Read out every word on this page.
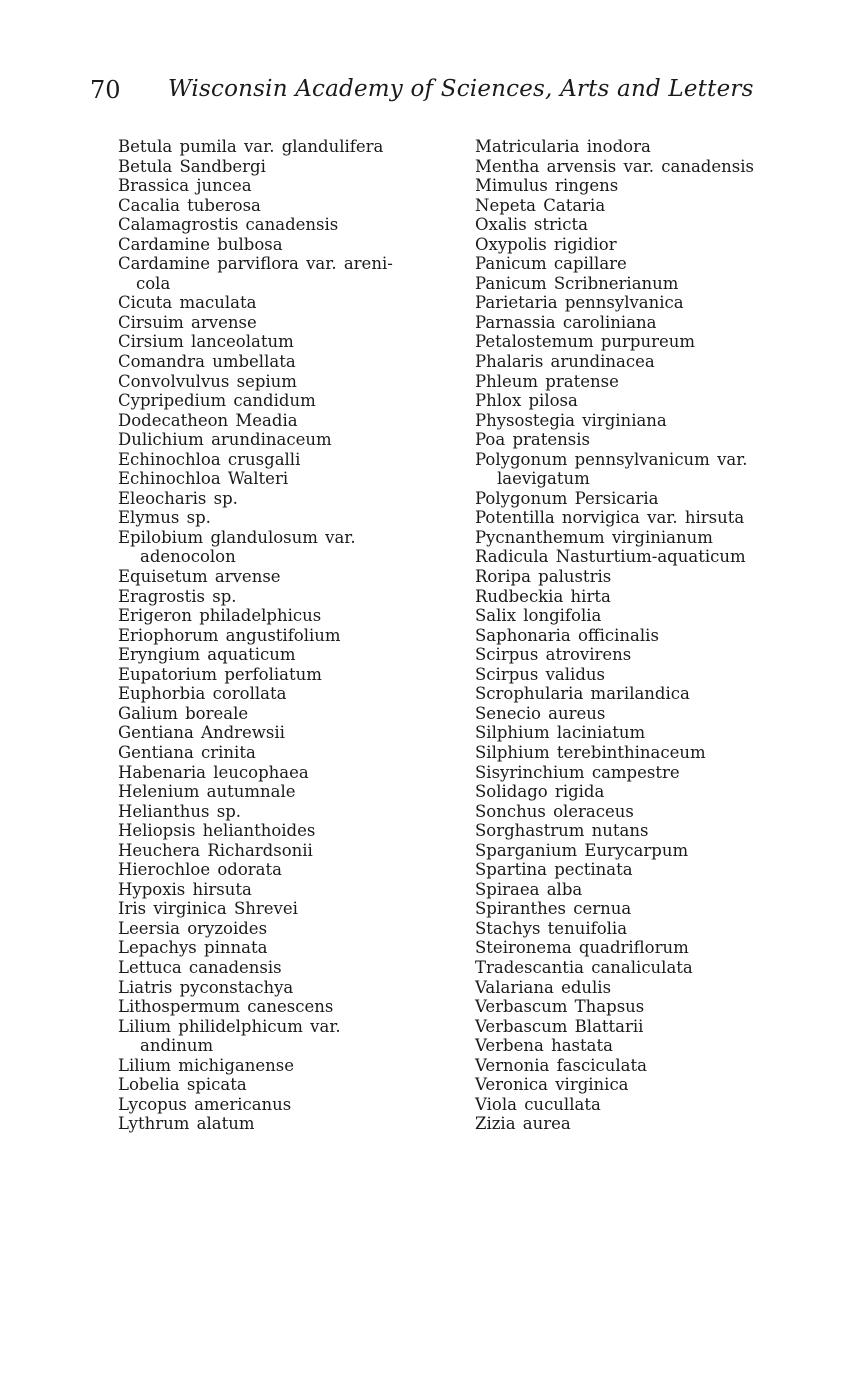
70 Wisconsin Academy of Sciences, Arts and Letters
Betula pumila var. glandulifera
Betula Sandbergi
Brassica juncea
Cacalia tuberosa
Calamagrostis canadensis
Cardamine bulbosa
Cardamine parviflora var. areni-
cola
Cicuta maculata
Cirsuim arvense
Cirsium lanceolatum
Comandra umbellata
Convolvulvus sepium
Cypripedium candidum
Dodecatheon Meadia
Dulichium arundinaceum
Echinochloa crusgalli
Echinochloa Walteri
Eleocharis sp.
Elymus sp.
Epilobium glandulosum var.
adenocolon
Equisetum arvense
Eragrostis sp.
Erigeron philadelphicus
Eriophorum angustifolium
Eryngium aquaticum
Eupatorium perfoliatum
Euphorbia corollata
Galium boreale
Gentiana Andrewsii
Gentiana crinita
Habenaria leucophaea
Helenium autumnale
Helianthus sp.
Heliopsis helianthoides
Heuchera Richardsonii
Hierochloe odorata
Hypoxis hirsuta
Iris virginica Shrevei
Leersia oryzoides
Lepachys pinnata
Lettuca canadensis
Liatris pyconstachya
Lithospermum canescens
Lilium philidelphicum var.
andinum
Lilium michiganense
Lobelia spicata
Lycopus americanus
Lythrum alatum
Matricularia inodora
Mentha arvensis var. canadensis
Mimulus ringens
Nepeta Cataria
Oxalis stricta
Oxypolis rigidior
Panicum capillare
Panicum Scribnerianum
Parietaria pennsylvanica
Parnassia caroliniana
Petalostemum purpureum
Phalaris arundinacea
Phleum pratense
Phlox pilosa
Physostegia virginiana
Poa pratensis
Polygonum pennsylvanicum var.
laevigatum
Polygonum Persicaria
Potentilla norvigica var. hirsuta
Pycnanthemum virginianum
Radicula Nasturtium-aquaticum
Roripa palustris
Rudbeckia hirta
Salix longifolia
Saphonaria officinalis
Scirpus atrovirens
Scirpus validus
Scrophularia marilandica
Senecio aureus
Silphium laciniatum
Silphium terebinthinaceum
Sisyrinchium campestre
Solidago rigida
Sonchus oleraceus
Sorghastrum nutans
Sparganium Eurycarpum
Spartina pectinata
Spiraea alba
Spiranthes cernua
Stachys tenuifolia
Steironema quadriflorum
Tradescantia canaliculata
Valariana edulis
Verbascum Thapsus
Verbascum Blattarii
Verbena hastata
Vernonia fasciculata
Veronica virginica
Viola cucullata
Zizia aurea
